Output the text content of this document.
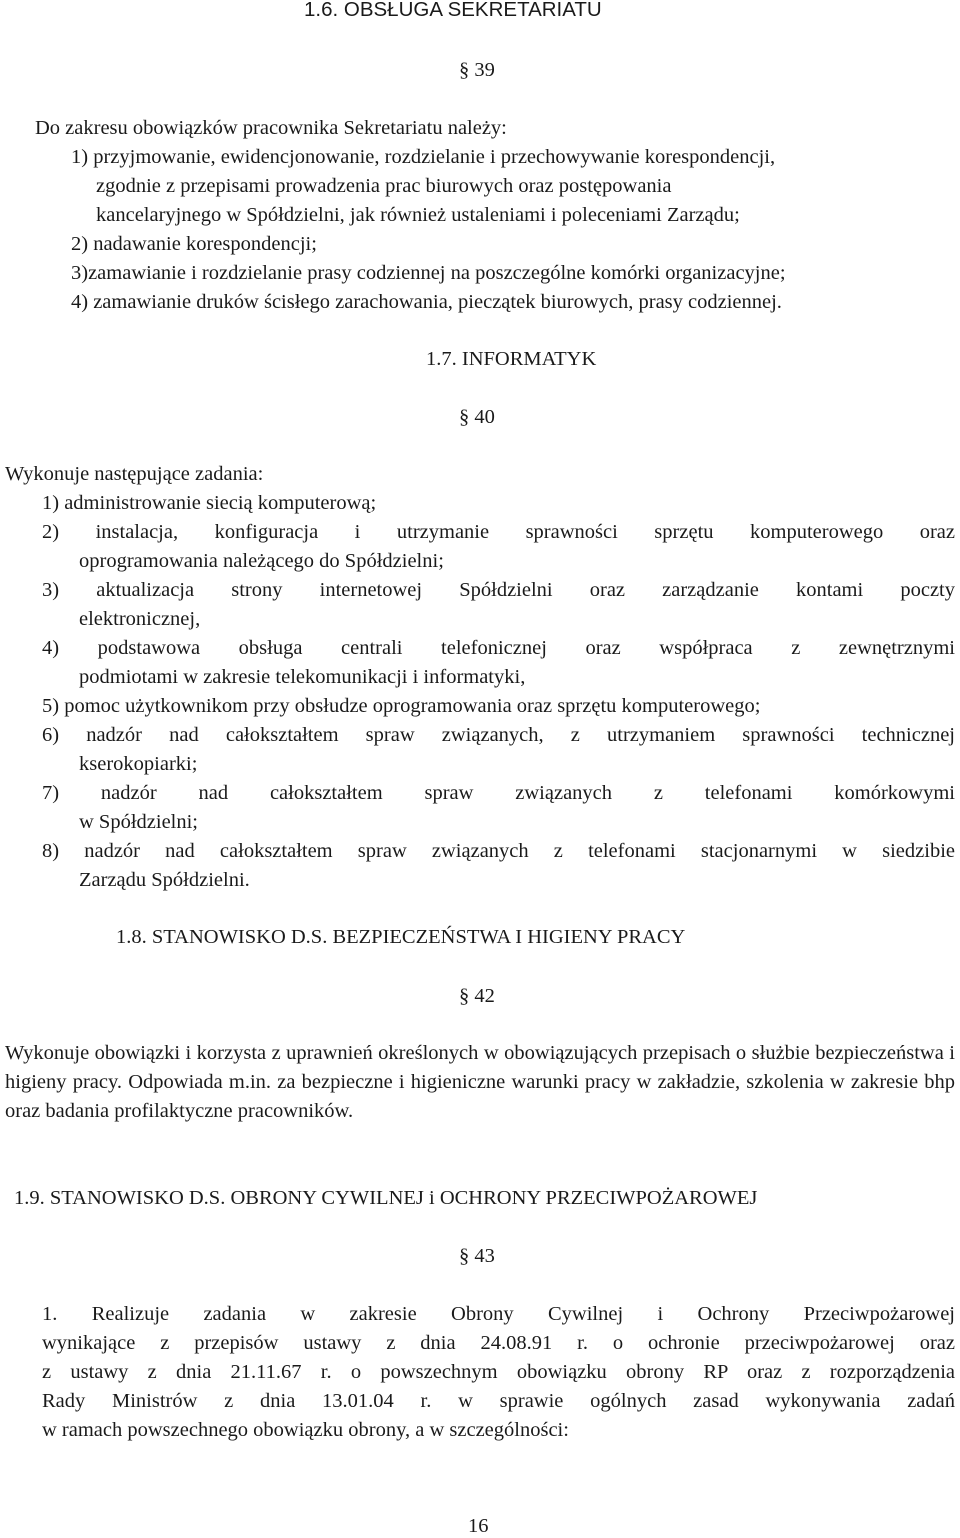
1.6. OBSŁUGA SEKRETARIATU
§ 39
Do zakresu obowiązków pracownika Sekretariatu należy:
1) przyjmowanie, ewidencjonowanie, rozdzielanie i przechowywanie korespondencji,
zgodnie z przepisami prowadzenia prac biurowych oraz postępowania
kancelaryjnego w Spółdzielni, jak również ustaleniami i poleceniami Zarządu;
2) nadawanie korespondencji;
3)zamawianie i rozdzielanie prasy codziennej na poszczególne komórki organizacyjne;
4) zamawianie druków ścisłego zarachowania, pieczątek biurowych, prasy codziennej.
1.7. INFORMATYK
§ 40
Wykonuje następujące zadania:
1) administrowanie siecią komputerową;
2) instalacja, konfiguracja i utrzymanie sprawności sprzętu komputerowego oraz
oprogramowania należącego do Spółdzielni;
3) aktualizacja strony internetowej Spółdzielni oraz zarządzanie kontami poczty
elektronicznej,
4) podstawowa obsługa centrali telefonicznej oraz współpraca z zewnętrznymi
podmiotami w zakresie telekomunikacji i informatyki,
5) pomoc użytkownikom przy obsłudze oprogramowania oraz sprzętu komputerowego;
6) nadzór nad całokształtem spraw związanych, z utrzymaniem sprawności technicznej
kserokopiarki;
7) nadzór nad całokształtem spraw związanych z telefonami komórkowymi
w Spółdzielni;
8) nadzór nad całokształtem spraw związanych z telefonami stacjonarnymi w siedzibie
Zarządu Spółdzielni.
1.8. STANOWISKO D.S. BEZPIECZEŃSTWA I HIGIENY PRACY
§ 42

Wykonuje obowiązki i korzysta z uprawnień określonych w obowiązujących przepisach o służbie bezpieczeństwa i higieny pracy. Odpowiada m.in. za bezpieczne i higieniczne warunki pracy w zakładzie, szkolenia w zakresie bhp oraz badania profilaktyczne pracowników.

1.9. STANOWISKO D.S. OBRONY CYWILNEJ i OCHRONY PRZECIWPOŻAROWEJ
§ 43
1. Realizuje zadania w zakresie Obrony Cywilnej i Ochrony Przeciwpożarowej
wynikające z przepisów ustawy z dnia 24.08.91 r. o ochronie przeciwpożarowej oraz
z ustawy z dnia 21.11.67 r. o powszechnym obowiązku obrony RP oraz z rozporządzenia
Rady Ministrów z dnia 13.01.04 r. w sprawie ogólnych zasad wykonywania zadań
w ramach powszechnego obowiązku obrony, a w szczególności:
16
